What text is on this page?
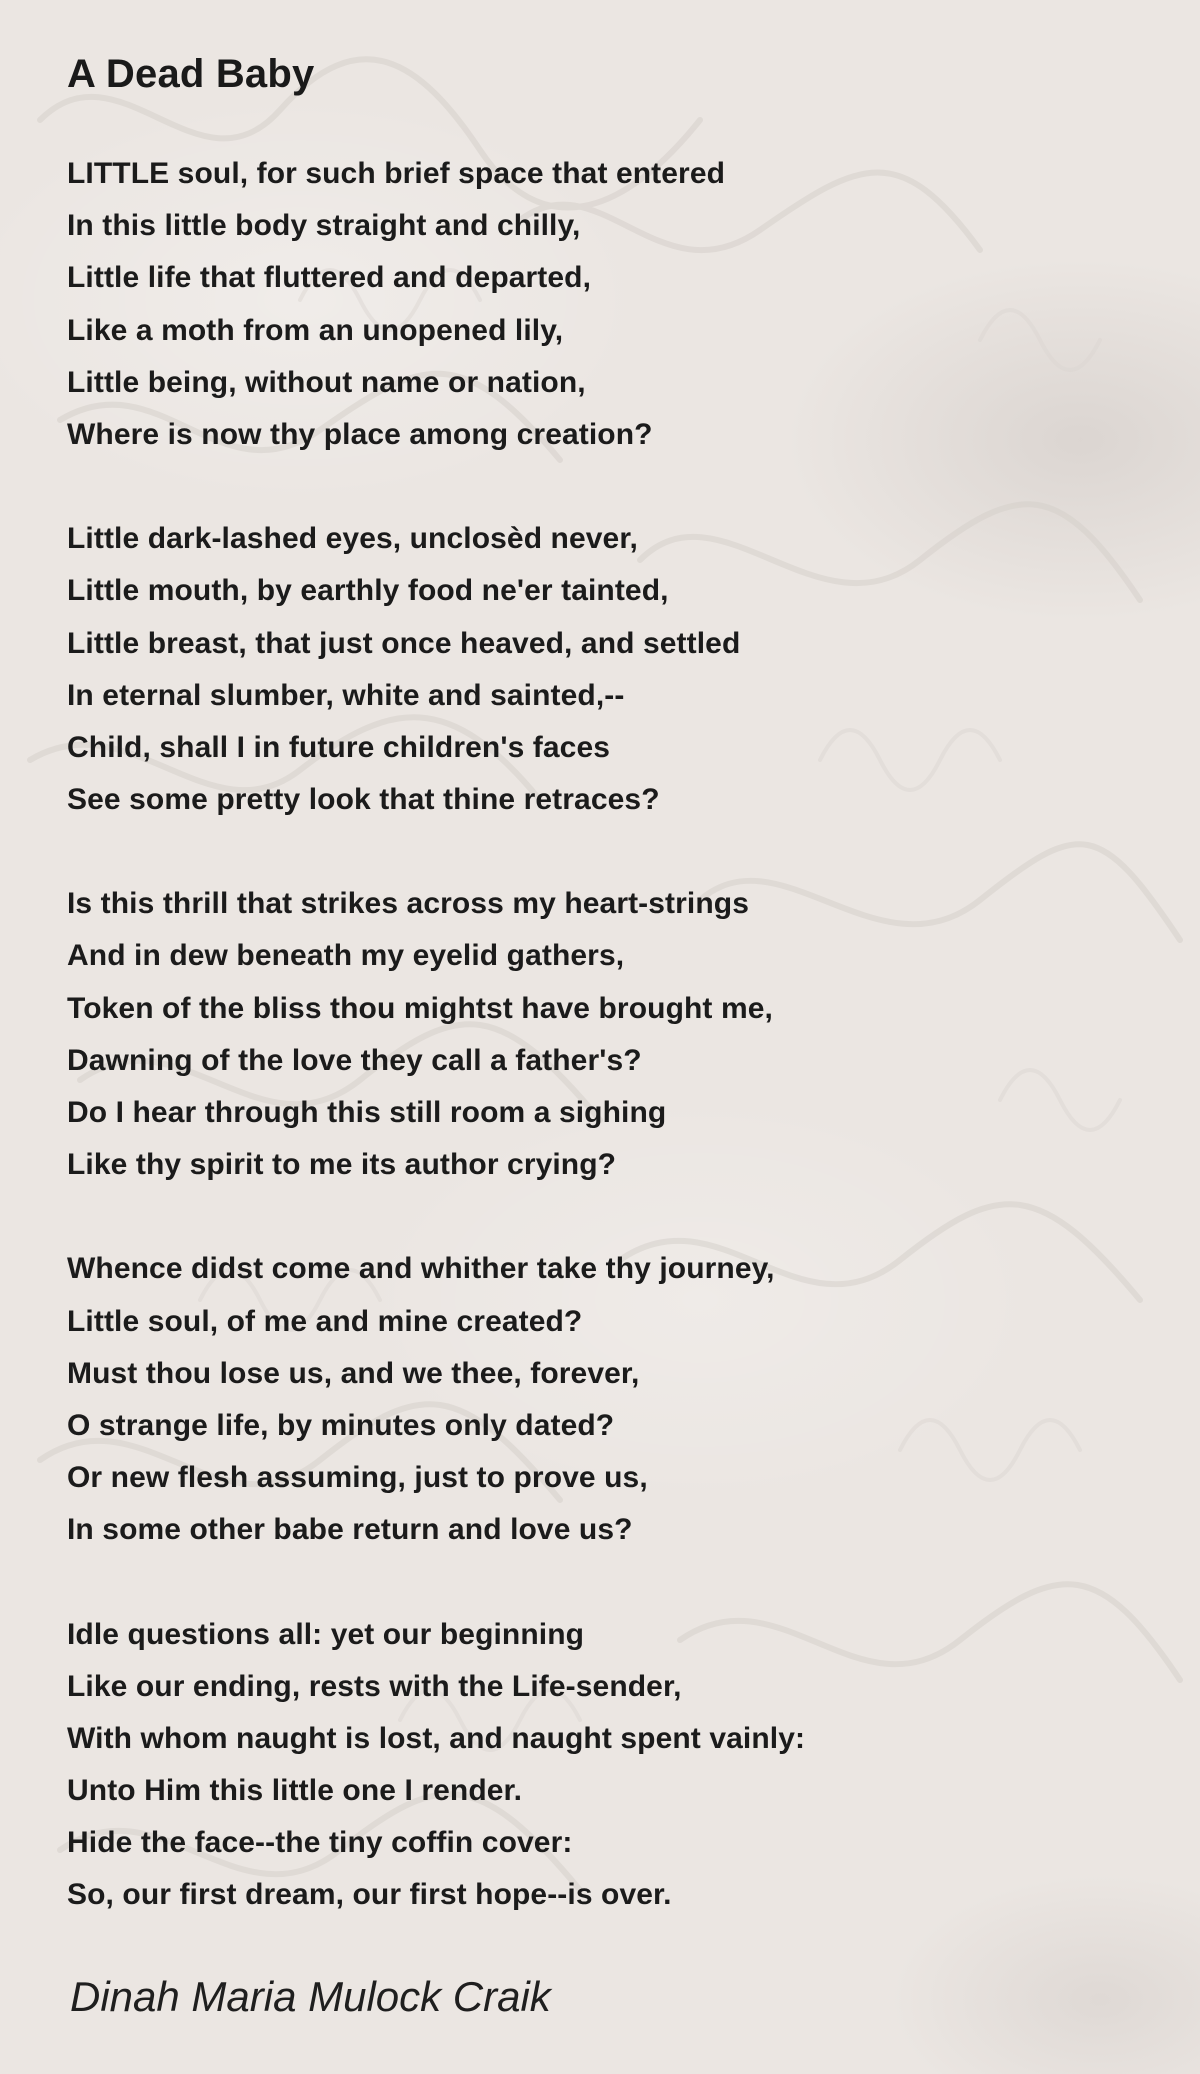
A Dead Baby
LITTLE soul, for such brief space that entered
In this little body straight and chilly,
Little life that fluttered and departed,
Like a moth from an unopened lily,
Little being, without name or nation,
Where is now thy place among creation?
Little dark-lashed eyes, unclosèd never,
Little mouth, by earthly food ne'er tainted,
Little breast, that just once heaved, and settled
In eternal slumber, white and sainted,--
Child, shall I in future children's faces
See some pretty look that thine retraces?
Is this thrill that strikes across my heart-strings
And in dew beneath my eyelid gathers,
Token of the bliss thou mightst have brought me,
Dawning of the love they call a father's?
Do I hear through this still room a sighing
Like thy spirit to me its author crying?
Whence didst come and whither take thy journey,
Little soul, of me and mine created?
Must thou lose us, and we thee, forever,
O strange life, by minutes only dated?
Or new flesh assuming, just to prove us,
In some other babe return and love us?
Idle questions all: yet our beginning
Like our ending, rests with the Life-sender,
With whom naught is lost, and naught spent vainly:
Unto Him this little one I render.
Hide the face--the tiny coffin cover:
So, our first dream, our first hope--is over.

Dinah Maria Mulock Craik
